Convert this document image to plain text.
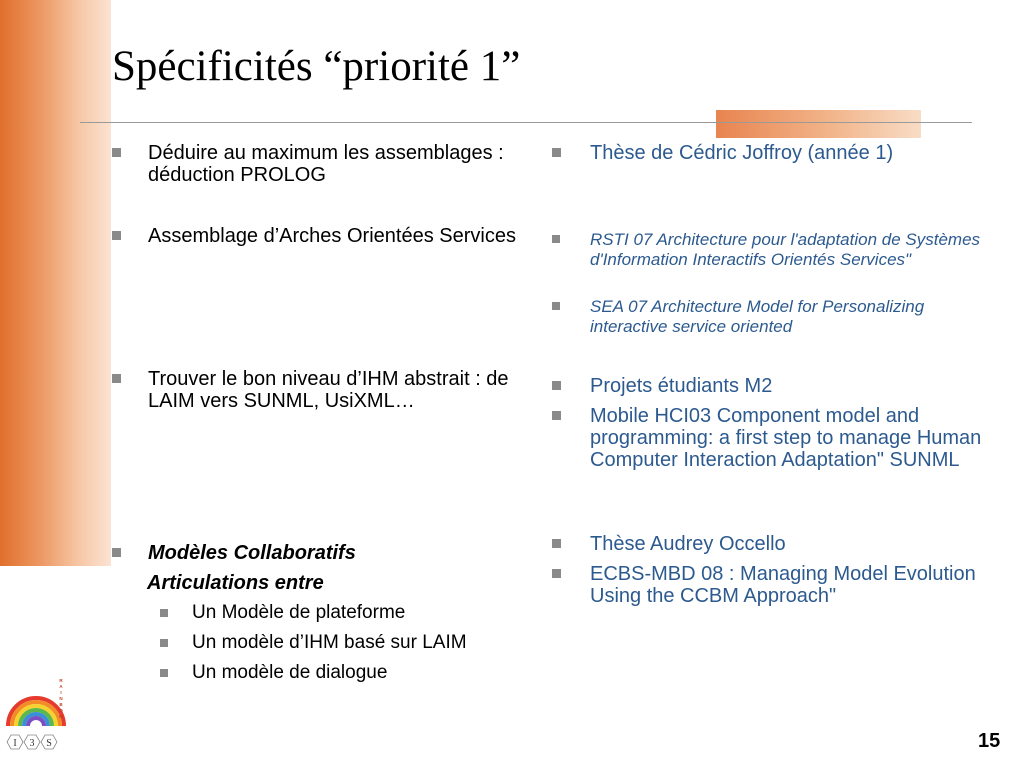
Spécificités “priorité 1”
Déduire au maximum les assemblages : déduction PROLOG
Assemblage d’Arches Orientées Services
Trouver le bon niveau d’IHM abstrait : de LAIM vers SUNML, UsiXML…
Modèles Collaboratifs
Articulations entre
Un Modèle de plateforme
Un modèle d’IHM basé sur LAIM
Un modèle de dialogue
Thèse de Cédric Joffroy (année 1)
RSTI 07 Architecture pour l'adaptation de Systèmes d'Information Interactifs Orientés Services"
SEA 07 Architecture Model for Personalizing interactive service oriented
Projets étudiants M2
Mobile HCI03 Component model and programming: a first step to manage Human Computer Interaction Adaptation" SUNML
Thèse Audrey Occello
ECBS-MBD 08 : Managing Model Evolution Using the CCBM Approach"
R
A
I
N
B
O
W
I 3 S	15
